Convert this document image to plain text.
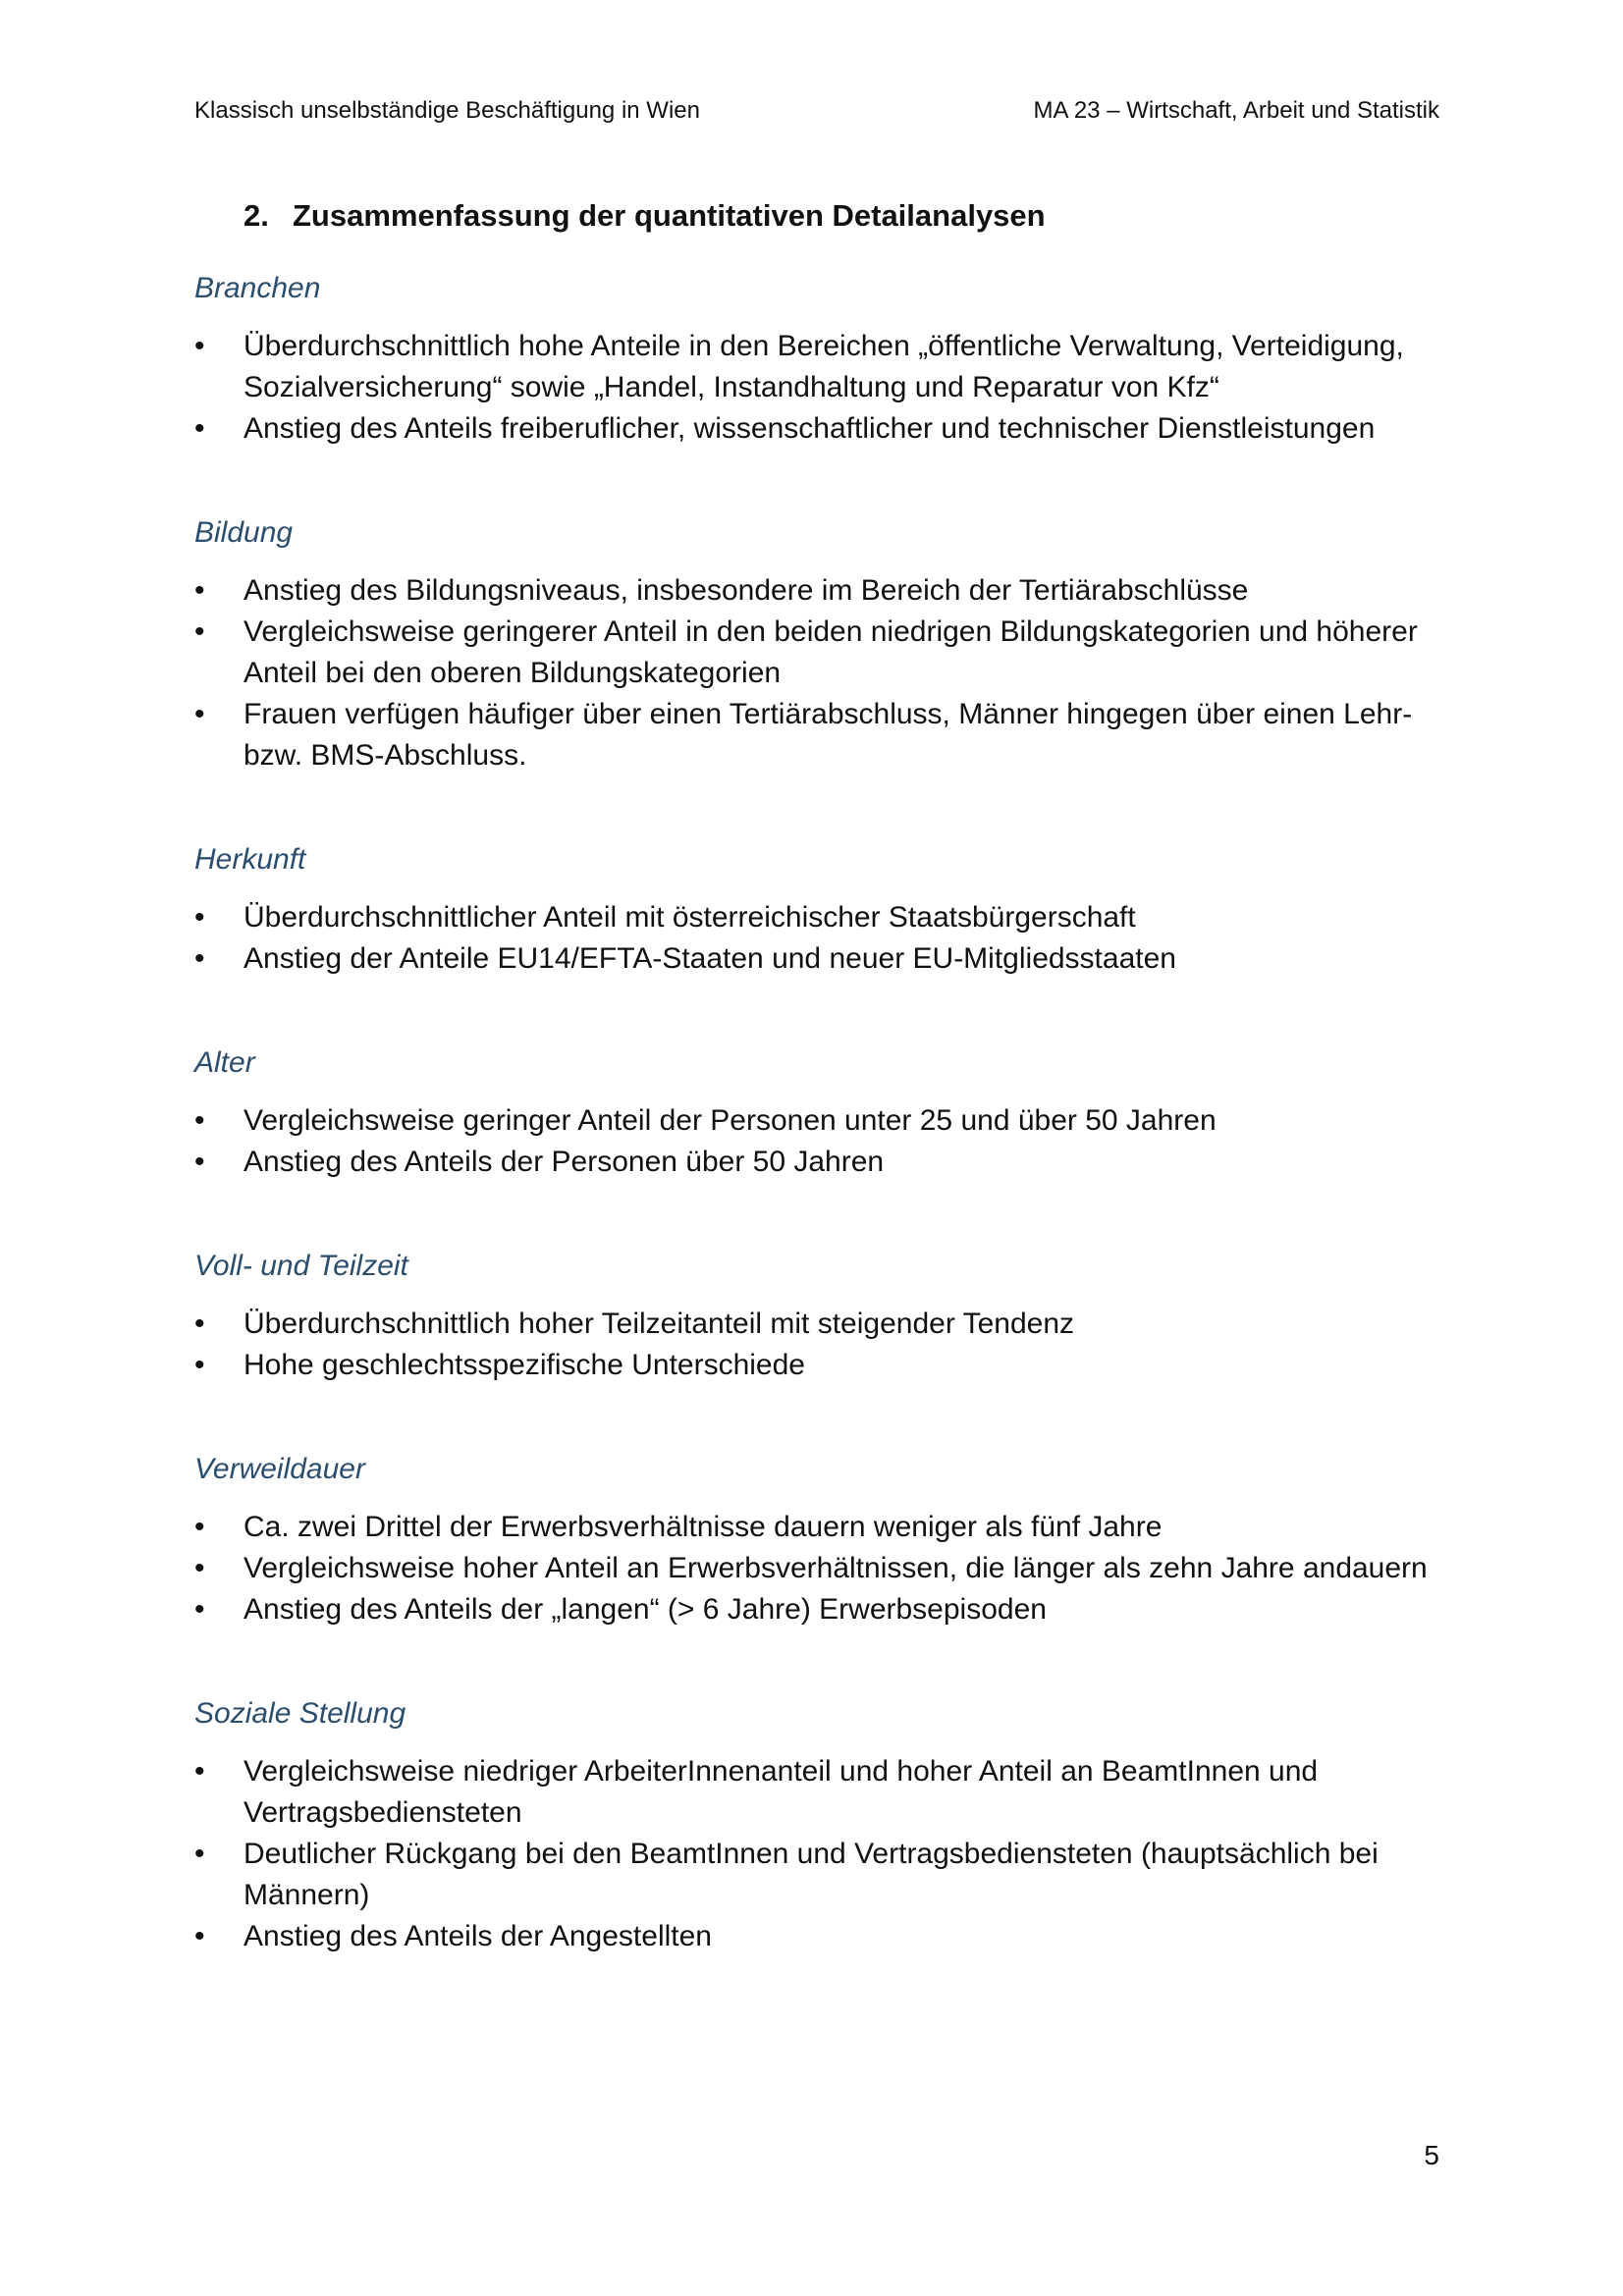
Klassisch unselbständige Beschäftigung in Wien	MA 23 – Wirtschaft, Arbeit und Statistik
2. Zusammenfassung der quantitativen Detailanalysen
Branchen
•	Überdurchschnittlich hohe Anteile in den Bereichen „öffentliche Verwaltung, Verteidigung, Sozialversicherung“ sowie „Handel, Instandhaltung und Reparatur von Kfz“
•	Anstieg des Anteils freiberuflicher, wissenschaftlicher und technischer Dienstleistungen
Bildung
•	Anstieg des Bildungsniveaus, insbesondere im Bereich der Tertiärabschlüsse
•	Vergleichsweise geringerer Anteil in den beiden niedrigen Bildungskategorien und höherer Anteil bei den oberen Bildungskategorien
•	Frauen verfügen häufiger über einen Tertiärabschluss, Männer hingegen über einen Lehr- bzw. BMS-Abschluss.
Herkunft
•	Überdurchschnittlicher Anteil mit österreichischer Staatsbürgerschaft
•	Anstieg der Anteile EU14/EFTA-Staaten und neuer EU-Mitgliedsstaaten
Alter
•	Vergleichsweise geringer Anteil der Personen unter 25 und über 50 Jahren
•	Anstieg des Anteils der Personen über 50 Jahren
Voll- und Teilzeit
•	Überdurchschnittlich hoher Teilzeitanteil mit steigender Tendenz
•	Hohe geschlechtsspezifische Unterschiede
Verweildauer
•	Ca. zwei Drittel der Erwerbsverhältnisse dauern weniger als fünf Jahre
•	Vergleichsweise hoher Anteil an Erwerbsverhältnissen, die länger als zehn Jahre andauern
•	Anstieg des Anteils der „langen“ (> 6 Jahre) Erwerbsepisoden
Soziale Stellung
•	Vergleichsweise niedriger ArbeiterInnenanteil und hoher Anteil an BeamtInnen und Vertragsbediensteten
•	Deutlicher Rückgang bei den BeamtInnen und Vertragsbediensteten (hauptsächlich bei Männern)
•	Anstieg des Anteils der Angestellten
5
